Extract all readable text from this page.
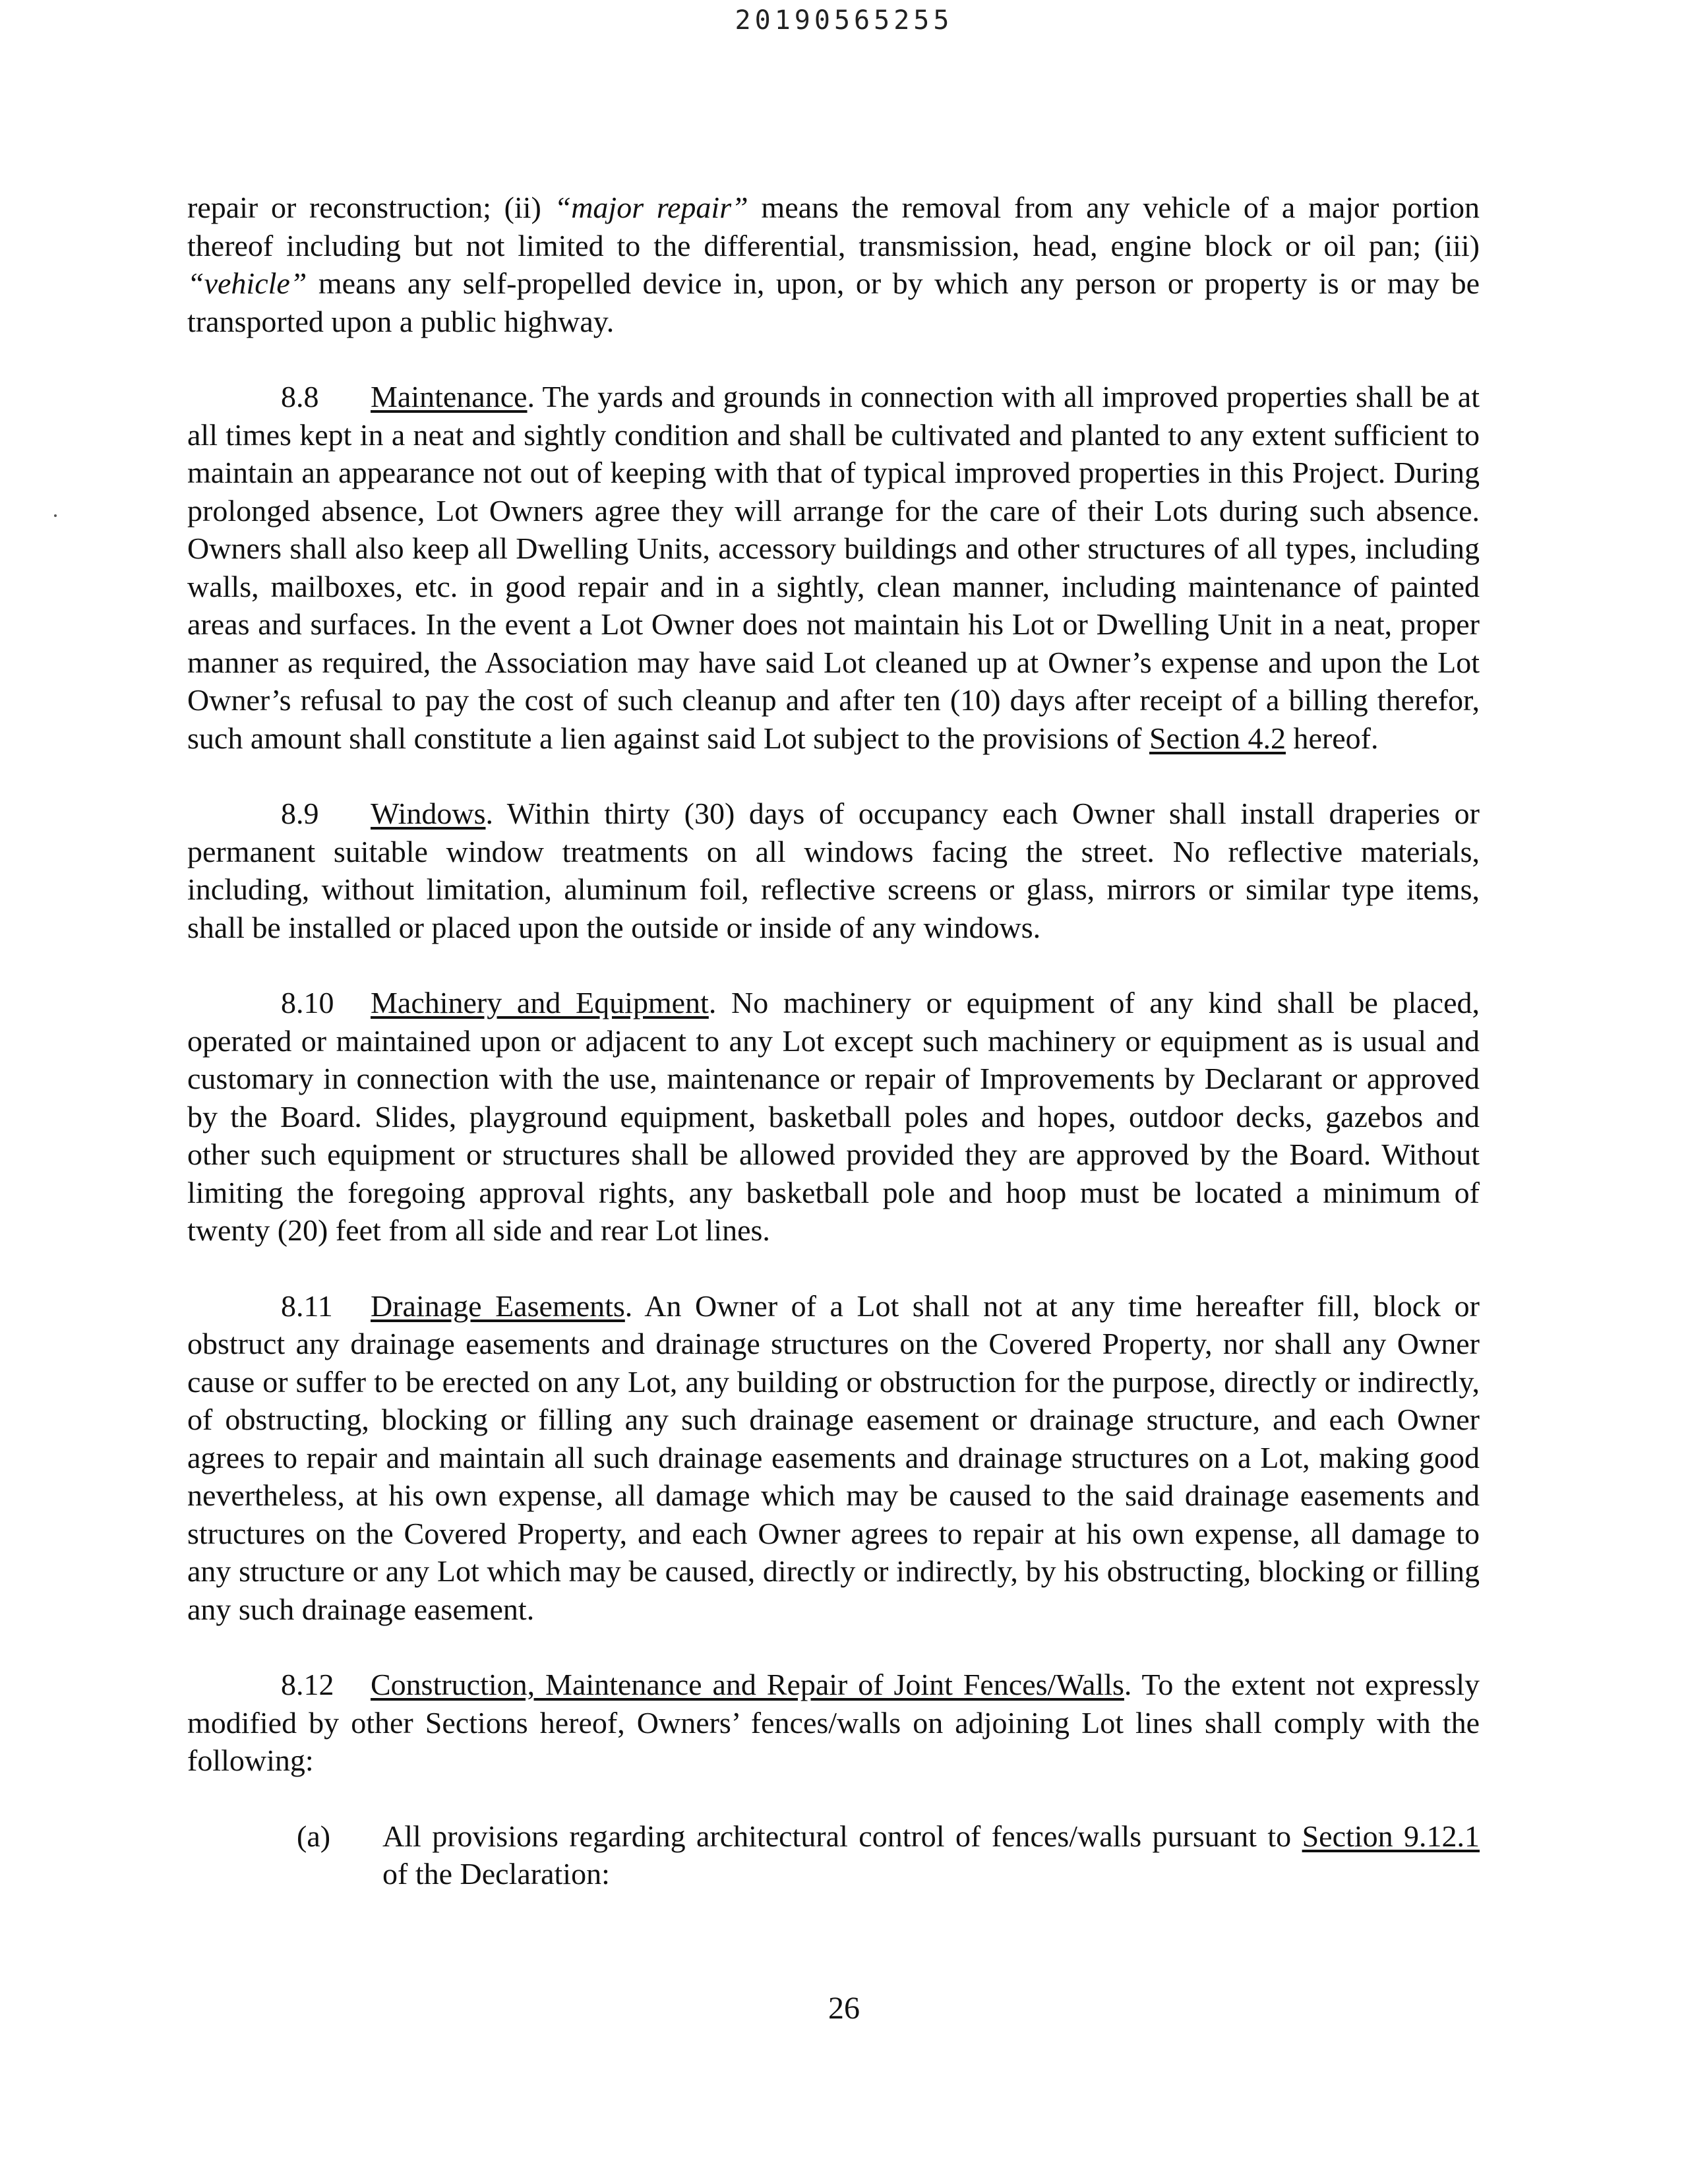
20190565255

repair or reconstruction; (ii) “major repair” means the removal from any vehicle of a major portion thereof including but not limited to the differential, transmission, head, engine block or oil pan; (iii) “vehicle” means any self-propelled device in, upon, or by which any person or property is or may be transported upon a public highway.

8.8 Maintenance. The yards and grounds in connection with all improved properties shall be at all times kept in a neat and sightly condition and shall be cultivated and planted to any extent sufficient to maintain an appearance not out of keeping with that of typical improved properties in this Project. During prolonged absence, Lot Owners agree they will arrange for the care of their Lots during such absence. Owners shall also keep all Dwelling Units, accessory buildings and other structures of all types, including walls, mailboxes, etc. in good repair and in a sightly, clean manner, including maintenance of painted areas and surfaces. In the event a Lot Owner does not maintain his Lot or Dwelling Unit in a neat, proper manner as required, the Association may have said Lot cleaned up at Owner’s expense and upon the Lot Owner’s refusal to pay the cost of such cleanup and after ten (10) days after receipt of a billing therefor, such amount shall constitute a lien against said Lot subject to the provisions of Section 4.2 hereof.

8.9 Windows. Within thirty (30) days of occupancy each Owner shall install draperies or permanent suitable window treatments on all windows facing the street. No reflective materials, including, without limitation, aluminum foil, reflective screens or glass, mirrors or similar type items, shall be installed or placed upon the outside or inside of any windows.

8.10 Machinery and Equipment. No machinery or equipment of any kind shall be placed, operated or maintained upon or adjacent to any Lot except such machinery or equipment as is usual and customary in connection with the use, maintenance or repair of Improvements by Declarant or approved by the Board. Slides, playground equipment, basketball poles and hopes, outdoor decks, gazebos and other such equipment or structures shall be allowed provided they are approved by the Board. Without limiting the foregoing approval rights, any basketball pole and hoop must be located a minimum of twenty (20) feet from all side and rear Lot lines.

8.11 Drainage Easements. An Owner of a Lot shall not at any time hereafter fill, block or obstruct any drainage easements and drainage structures on the Covered Property, nor shall any Owner cause or suffer to be erected on any Lot, any building or obstruction for the purpose, directly or indirectly, of obstructing, blocking or filling any such drainage easement or drainage structure, and each Owner agrees to repair and maintain all such drainage easements and drainage structures on a Lot, making good nevertheless, at his own expense, all damage which may be caused to the said drainage easements and structures on the Covered Property, and each Owner agrees to repair at his own expense, all damage to any structure or any Lot which may be caused, directly or indirectly, by his obstructing, blocking or filling any such drainage easement.

8.12 Construction, Maintenance and Repair of Joint Fences/Walls. To the extent not expressly modified by other Sections hereof, Owners’ fences/walls on adjoining Lot lines shall comply with the following:

(a) All provisions regarding architectural control of fences/walls pursuant to Section 9.12.1 of the Declaration:
26
